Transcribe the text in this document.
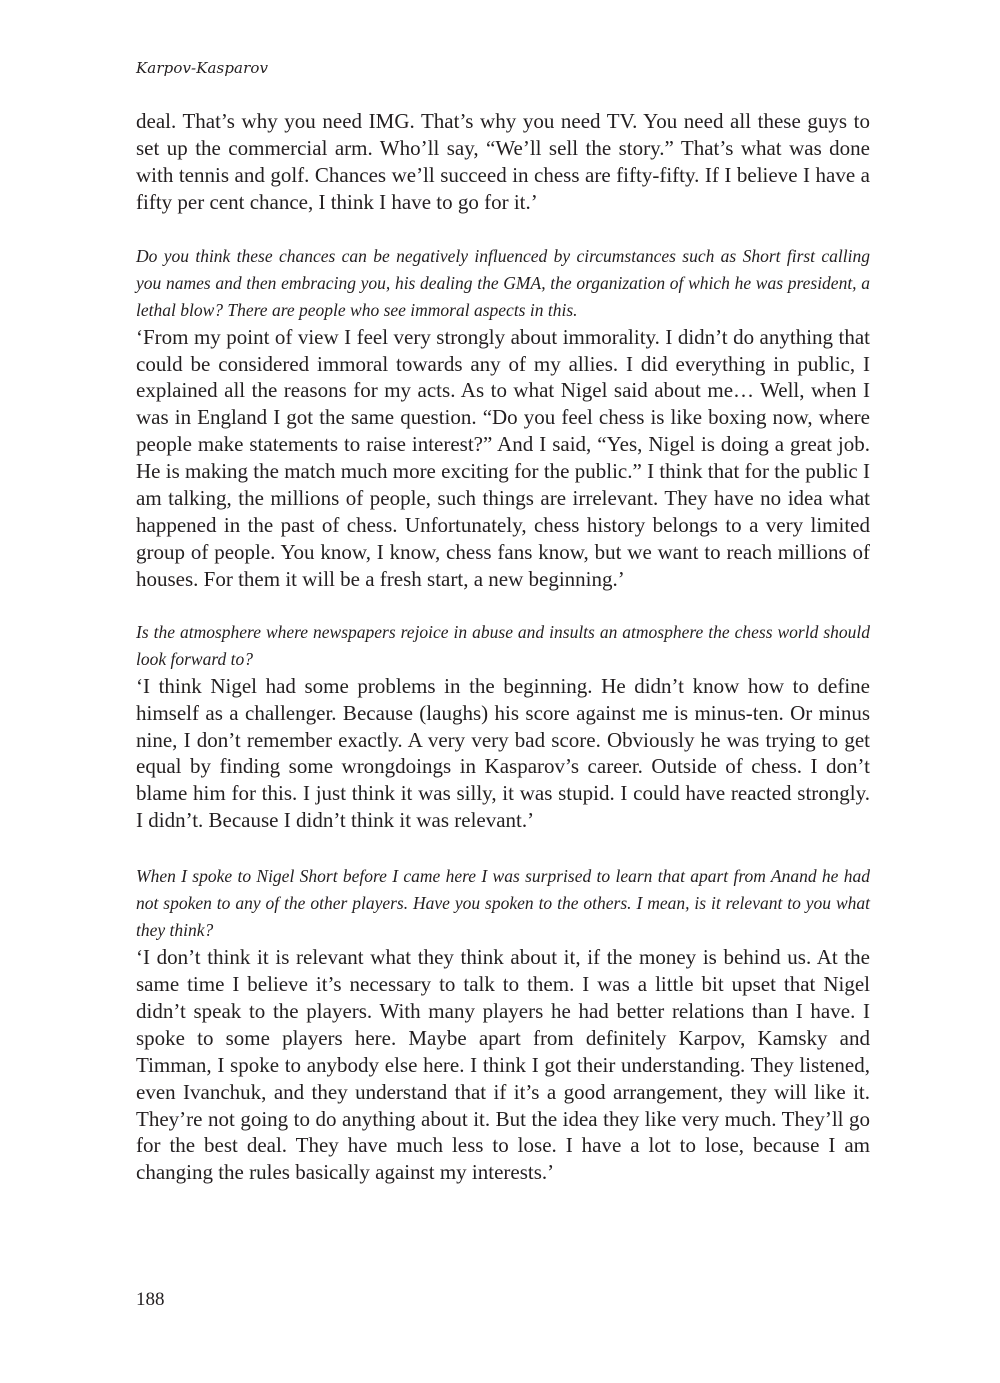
Karpov-Kasparov

deal. That’s why you need IMG. That’s why you need TV. You need all these guys to set up the commercial arm. Who’ll say, “We’ll sell the story.” That’s what was done with tennis and golf. Chances we’ll succeed in chess are fifty-fifty. If I believe I have a fifty per cent chance, I think I have to go for it.’

Do you think these chances can be negatively influenced by circumstances such as Short first calling you names and then embracing you, his dealing the GMA, the organization of which he was president, a lethal blow? There are people who see immoral aspects in this.

‘From my point of view I feel very strongly about immorality. I didn’t do anything that could be considered immoral towards any of my allies. I did everything in public, I explained all the reasons for my acts. As to what Nigel said about me… Well, when I was in England I got the same question. “Do you feel chess is like boxing now, where people make statements to raise interest?” And I said, “Yes, Nigel is doing a great job. He is making the match much more exciting for the public.” I think that for the public I am talking, the millions of people, such things are irrelevant. They have no idea what happened in the past of chess. Unfortunately, chess history belongs to a very limited group of people. You know, I know, chess fans know, but we want to reach millions of houses. For them it will be a fresh start, a new beginning.’

Is the atmosphere where newspapers rejoice in abuse and insults an atmosphere the chess world should look forward to?

‘I think Nigel had some problems in the beginning. He didn’t know how to define himself as a challenger. Because (laughs) his score against me is minus-ten. Or minus nine, I don’t remember exactly. A very very bad score. Obviously he was trying to get equal by finding some wrongdoings in Kasparov’s career. Outside of chess. I don’t blame him for this. I just think it was silly, it was stupid. I could have reacted strongly. I didn’t. Because I didn’t think it was relevant.’

When I spoke to Nigel Short before I came here I was surprised to learn that apart from Anand he had not spoken to any of the other players. Have you spoken to the others. I mean, is it relevant to you what they think?

‘I don’t think it is relevant what they think about it, if the money is behind us. At the same time I believe it’s necessary to talk to them. I was a little bit upset that Nigel didn’t speak to the players. With many players he had better relations than I have. I spoke to some players here. Maybe apart from definitely Karpov, Kamsky and Timman, I spoke to anybody else here. I think I got their understanding. They listened, even Ivanchuk, and they understand that if it’s a good arrangement, they will like it. They’re not going to do anything about it. But the idea they like very much. They’ll go for the best deal. They have much less to lose. I have a lot to lose, because I am changing the rules basically against my interests.’

188
